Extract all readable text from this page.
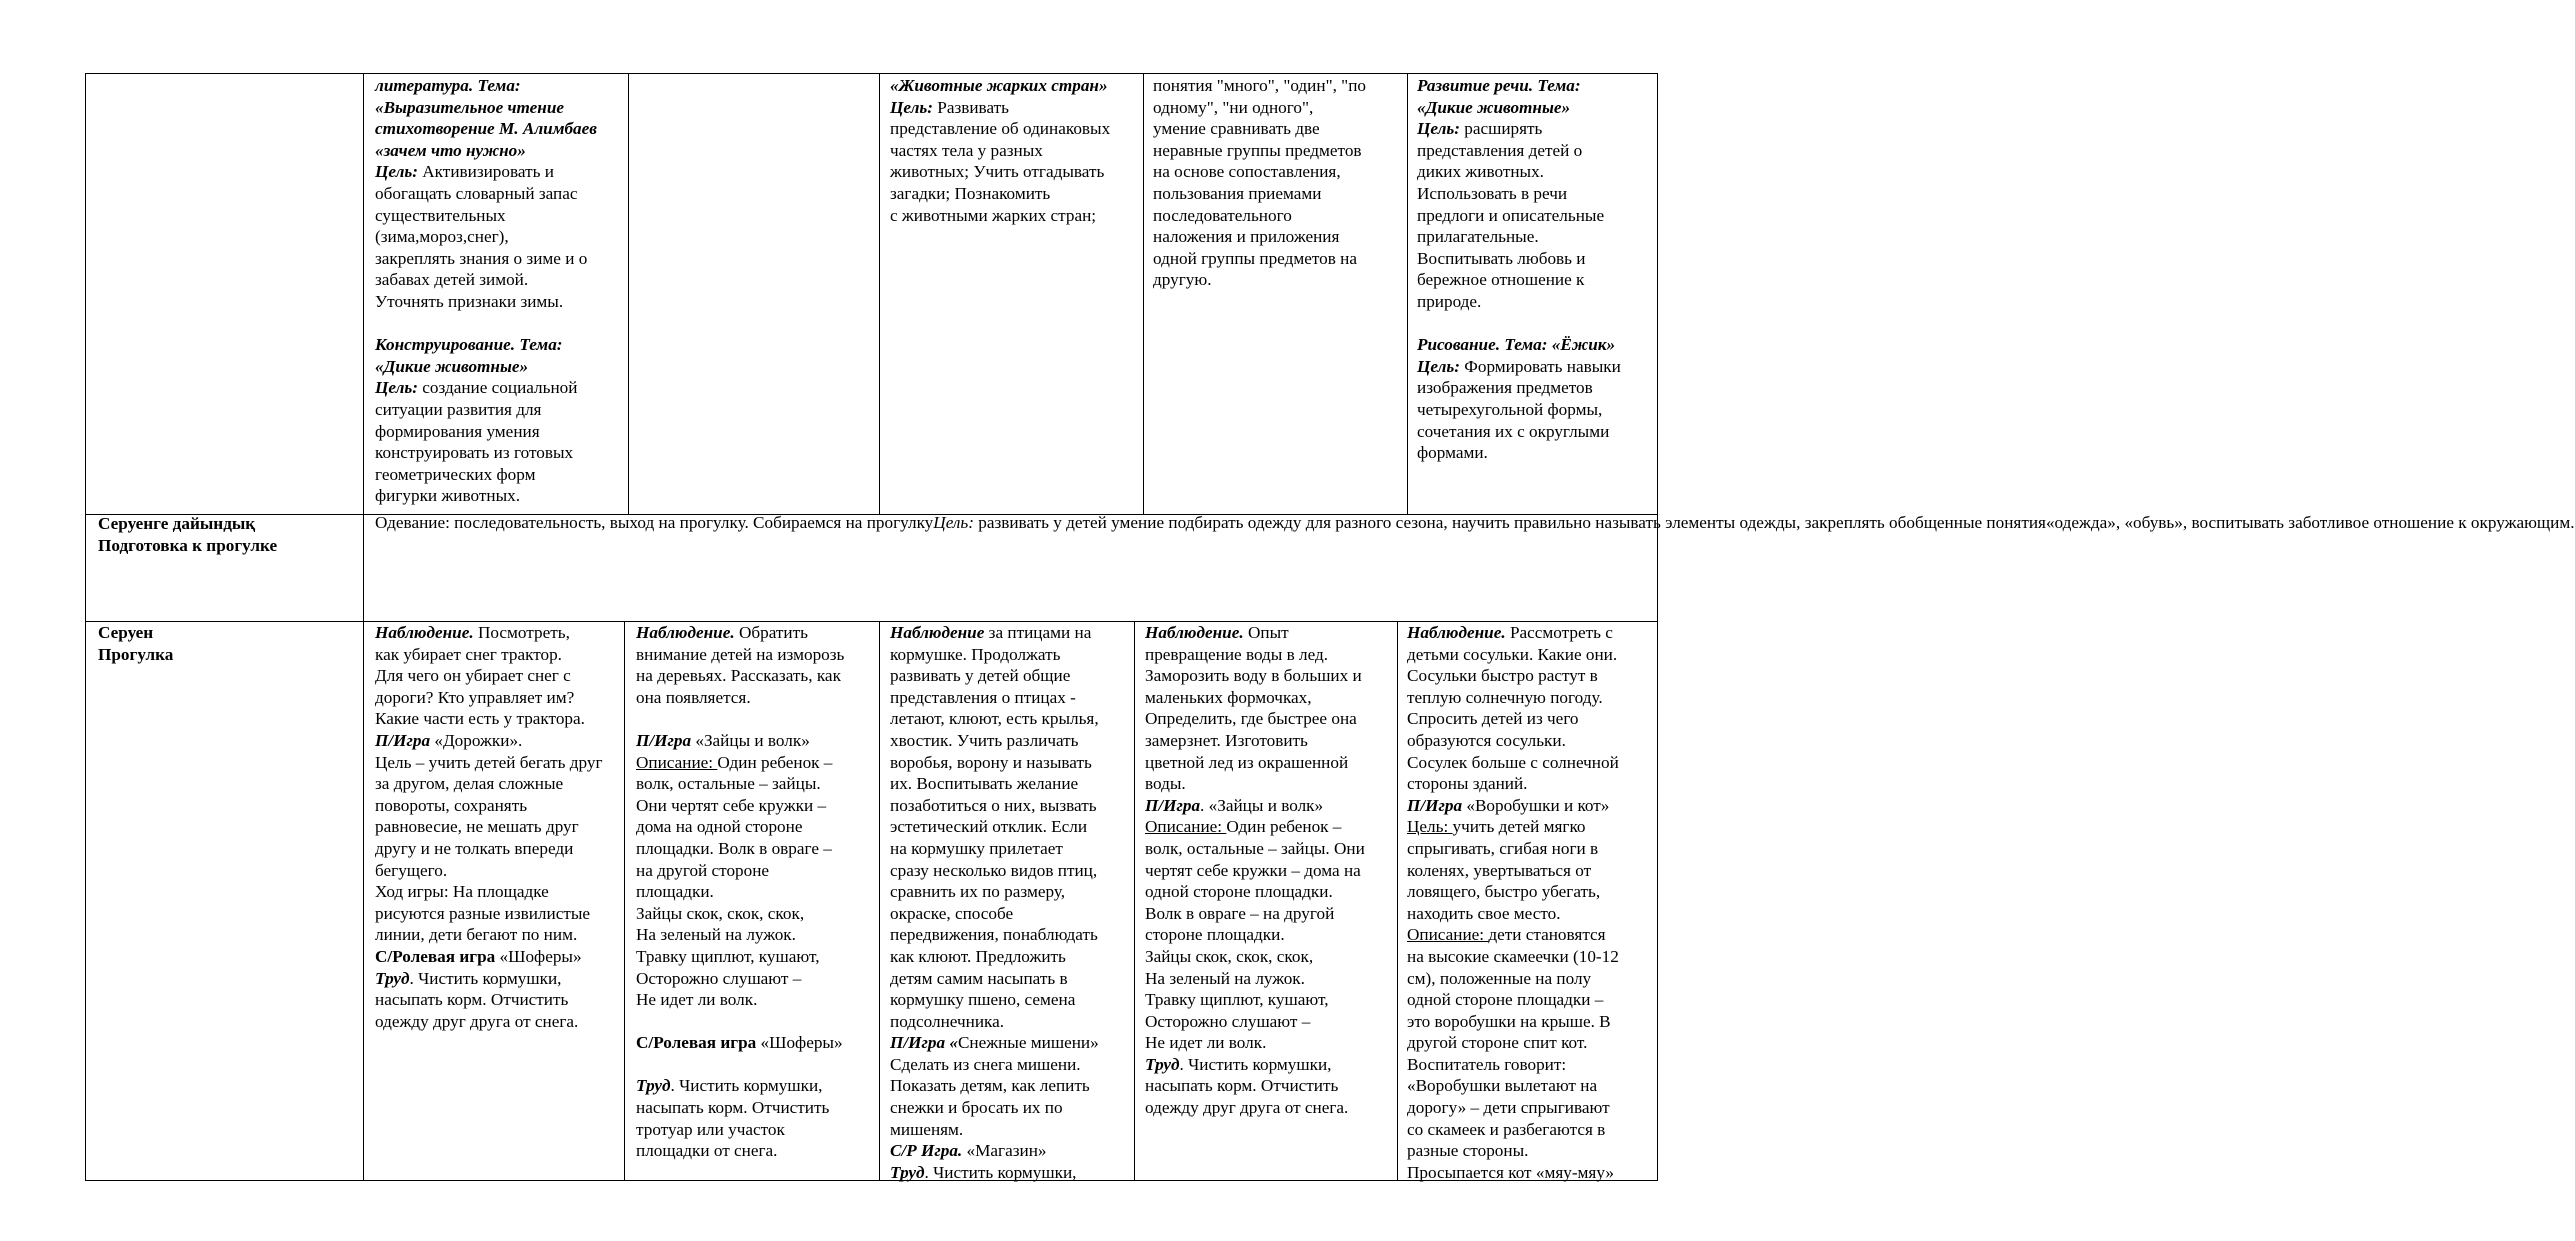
литература. Тема:
«Выразительное чтение
стихотворение М. Алимбаев
«зачем что нужно»
Цель: Активизировать и
обогащать словарный запас
существительных
(зима,мороз,снег),
закреплять знания о зиме и о
забавах детей зимой.
Уточнять признаки зимы.
Конструирование. Тема:
«Дикие животные»
Цель: создание социальной
ситуации развития для
формирования умения
конструировать из готовых
геометрических форм
фигурки животных.
«Животные жарких стран»
Цель: Развивать
представление об одинаковых
частях тела у разных
животных; Учить отгадывать
загадки; Познакомить
с животными жарких стран;
понятия "много", "один", "по
одному", "ни одного",
умение сравнивать две
неравные группы предметов
на основе сопоставления,
пользования приемами
последовательного
наложения и приложения
одной группы предметов на
другую.
Развитие речи. Тема:
«Дикие животные»
Цель: расширять
представления детей о
диких животных.
Использовать в речи
предлоги и описательные
прилагательные.
Воспитывать любовь и
бережное отношение к
природе.
Рисование. Тема: «Ёжик»
Цель: Формировать навыки
изображения предметов
четырехугольной формы,
сочетания их с округлыми
формами.
Серуенге дайындық
Подготовка к прогулке
Одевание: последовательность, выход на прогулку. Собираемся на прогулкуЦель: развивать у детей умение подбирать одежду для разного сезона, научить правильно называть элементы одежды, закреплять обобщенные понятия«одежда», «обувь», воспитывать заботливое отношение к окружающим.
Серуен
Прогулка
Наблюдение. Посмотреть,
как убирает снег трактор.
Для чего он убирает снег с
дороги? Кто управляет им?
Какие части есть у трактора.
П/Игра «Дорожки».
Цель – учить детей бегать друг
за другом, делая сложные
повороты, сохранять
равновесие, не мешать друг
другу и не толкать впереди
бегущего.
Ход игры: На площадке
рисуются разные извилистые
линии, дети бегают по ним.
С/Ролевая игра «Шоферы»
Труд. Чистить кормушки,
насыпать корм. Отчистить
одежду друг друга от снега.
Наблюдение. Обратить
внимание детей на изморозь
на деревьях. Рассказать, как
она появляется.
П/Игра «Зайцы и волк»
Описание: Один ребенок –
волк, остальные – зайцы.
Они чертят себе кружки –
дома на одной стороне
площадки. Волк в овраге –
на другой стороне
площадки.
Зайцы скок, скок, скок,
На зеленый на лужок.
Травку щиплют, кушают,
Осторожно слушают –
Не идет ли волк.
С/Ролевая игра «Шоферы»
Труд. Чистить кормушки,
насыпать корм. Отчистить
тротуар или участок
площадки от снега.
Наблюдение за птицами на
кормушке. Продолжать
развивать у детей общие
представления о птицах -
летают, клюют, есть крылья,
хвостик. Учить различать
воробья, ворону и называть
их. Воспитывать желание
позаботиться о них, вызвать
эстетический отклик. Если
на кормушку прилетает
сразу несколько видов птиц,
сравнить их по размеру,
окраске, способе
передвижения, понаблюдать
как клюют. Предложить
детям самим насыпать в
кормушку пшено, семена
подсолнечника.
П/Игра «Снежные мишени»
Сделать из снега мишени.
Показать детям, как лепить
снежки и бросать их по
мишеням.
С/Р Игра. «Магазин»
Труд. Чистить кормушки,
Наблюдение. Опыт
превращение воды в лед.
Заморозить воду в больших и
маленьких формочках,
Определить, где быстрее она
замерзнет. Изготовить
цветной лед из окрашенной
воды.
П/Игра. «Зайцы и волк»
Описание: Один ребенок –
волк, остальные – зайцы. Они
чертят себе кружки – дома на
одной стороне площадки.
Волк в овраге – на другой
стороне площадки.
Зайцы скок, скок, скок,
На зеленый на лужок.
Травку щиплют, кушают,
Осторожно слушают –
Не идет ли волк.
Труд. Чистить кормушки,
насыпать корм. Отчистить
одежду друг друга от снега.
Наблюдение. Рассмотреть с
детьми сосульки. Какие они.
Сосульки быстро растут в
теплую солнечную погоду.
Спросить детей из чего
образуются сосульки.
Сосулек больше с солнечной
стороны зданий.
П/Игра «Воробушки и кот»
Цель: учить детей мягко
спрыгивать, сгибая ноги в
коленях, увертываться от
ловящего, быстро убегать,
находить свое место.
Описание: дети становятся
на высокие скамеечки (10-12
см), положенные на полу
одной стороне площадки –
это воробушки на крыше. В
другой стороне спит кот.
Воспитатель говорит:
«Воробушки вылетают на
дорогу» – дети спрыгивают
со скамеек и разбегаются в
разные стороны.
Просыпается кот «мяу-мяу»
